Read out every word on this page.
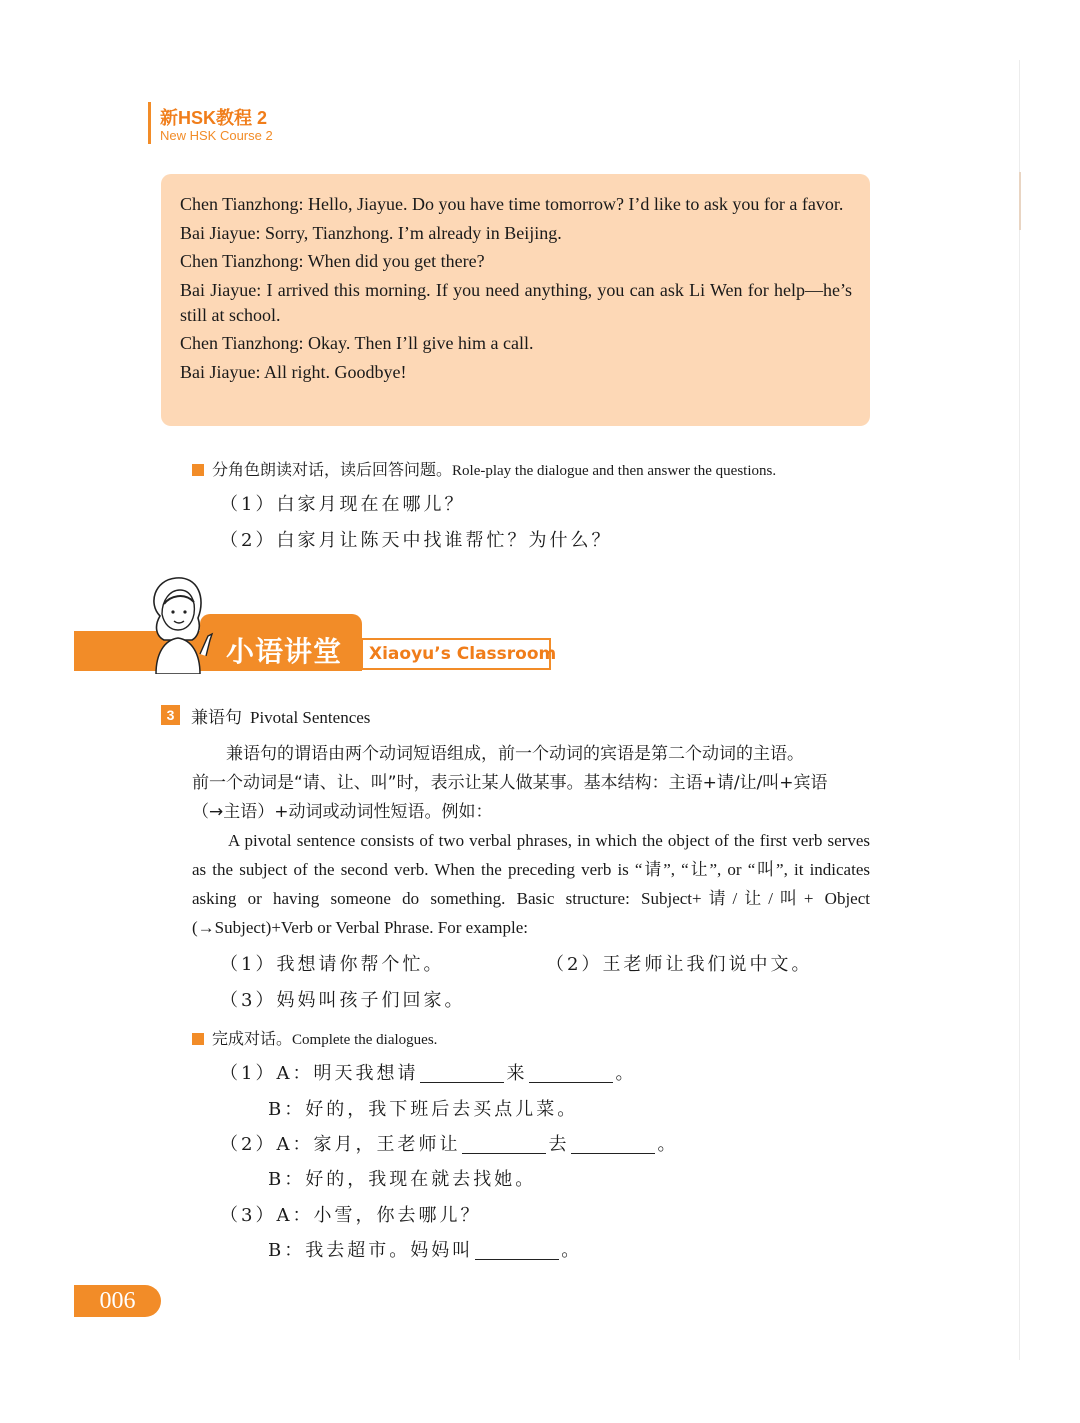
新HSK教程 2
New HSK Course 2
Chen Tianzhong: Hello, Jiayue. Do you have time tomorrow? I’d like to ask you for a favor.
Bai Jiayue: Sorry, Tianzhong. I’m already in Beijing.
Chen Tianzhong: When did you get there?
Bai Jiayue: I arrived this morning. If you need anything, you can ask Li Wen for help—he’s still at school.
Chen Tianzhong: Okay. Then I’ll give him a call.
Bai Jiayue: All right. Goodbye!
分角色朗读对话，读后回答问题。Role-play the dialogue and then answer the questions.
（1）白家月现在在哪儿？
（2）白家月让陈天中找谁帮忙？为什么？
小语讲堂	Xiaoyu’s Classroom
3 兼语句 Pivotal Sentences

　　兼语句的谓语由两个动词短语组成，前一个动词的宾语是第二个动词的主语。

前一个动词是“请、让、叫”时，表示让某人做某事。基本结构：主语+请/让/叫+宾语

（→主语）+动词或动词性短语。例如：

A pivotal sentence consists of two verbal phrases, in which the object of the first verb serves as the subject of the second verb. When the preceding verb is “请”, “让”, or “叫”, it indicates asking or having someone do something. Basic structure: Subject+请/让/叫+ Object (→Subject)+Verb or Verbal Phrase. For example:

（1）我想请你帮个忙。	（2）王老师让我们说中文。
（3）妈妈叫孩子们回家。
完成对话。Complete the dialogues.
（1）A：明天我想请	来	。
B：好的，我下班后去买点儿菜。
（2）A：家月，王老师让	去	。
B：好的，我现在就去找她。
（3）A：小雪，你去哪儿？
B：我去超市。妈妈叫	。
006
